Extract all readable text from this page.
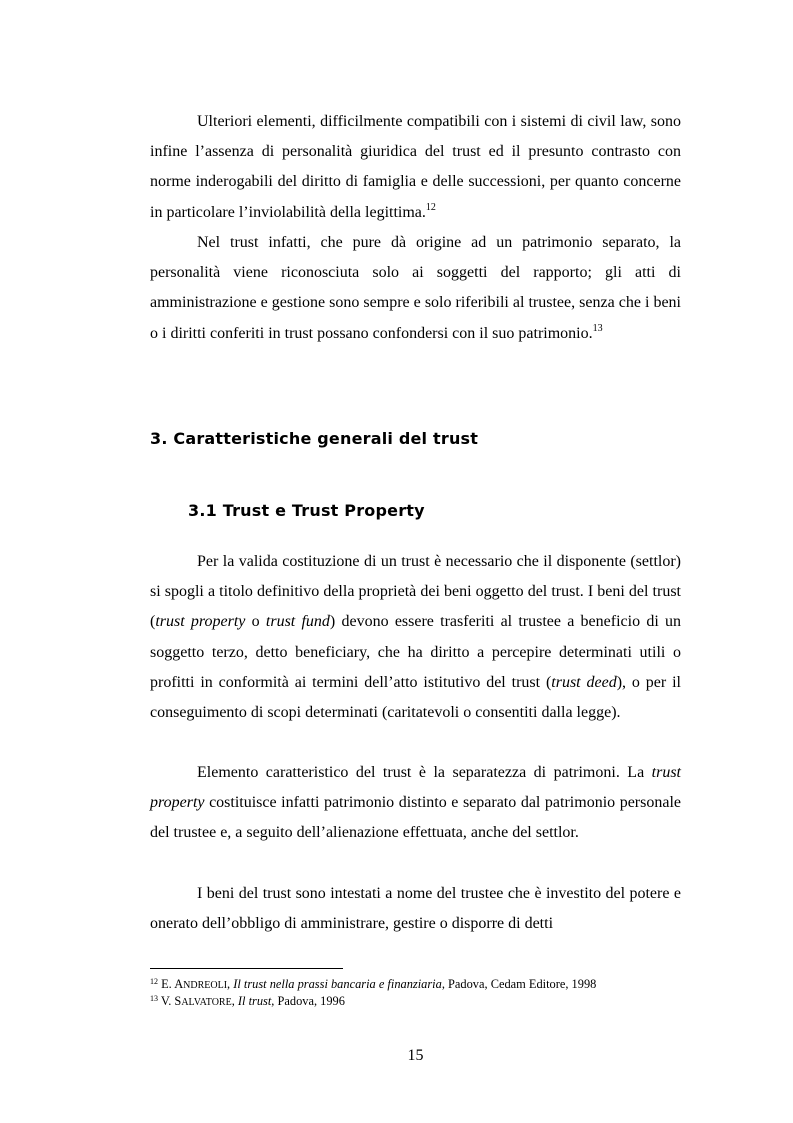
Ulteriori elementi, difficilmente compatibili con i sistemi di civil law, sono infine l’assenza di personalità giuridica del trust ed il presunto contrasto con norme inderogabili del diritto di famiglia e delle successioni, per quanto concerne in particolare l’inviolabilità della legittima.$^{12}$

Nel trust infatti, che pure dà origine ad un patrimonio separato, la personalità viene riconosciuta solo ai soggetti del rapporto; gli atti di amministrazione e gestione sono sempre e solo riferibili al trustee, senza che i beni o i diritti conferiti in trust possano confondersi con il suo patrimonio.$^{13}$

3. Caratteristiche generali del trust
3.1 Trust e Trust Property

Per la valida costituzione di un trust è necessario che il disponente (settlor) si spogli a titolo definitivo della proprietà dei beni oggetto del trust. I beni del trust (trust property o trust fund) devono essere trasferiti al trustee a beneficio di un soggetto terzo, detto beneficiary, che ha diritto a percepire determinati utili o profitti in conformità ai termini dell’atto istitutivo del trust (trust deed), o per il conseguimento di scopi determinati (caritatevoli o consentiti dalla legge).

Elemento caratteristico del trust è la separatezza di patrimoni. La trust property costituisce infatti patrimonio distinto e separato dal patrimonio personale del trustee e, a seguito dell’alienazione effettuata, anche del settlor.

I beni del trust sono intestati a nome del trustee che è investito del potere e onerato dell’obbligo di amministrare, gestire o disporre di detti

$^{12}$ E. ANDREOLI, Il trust nella prassi bancaria e finanziaria, Padova, Cedam Editore, 1998
$^{13}$ V. SALVATORE, Il trust, Padova, 1996
15
